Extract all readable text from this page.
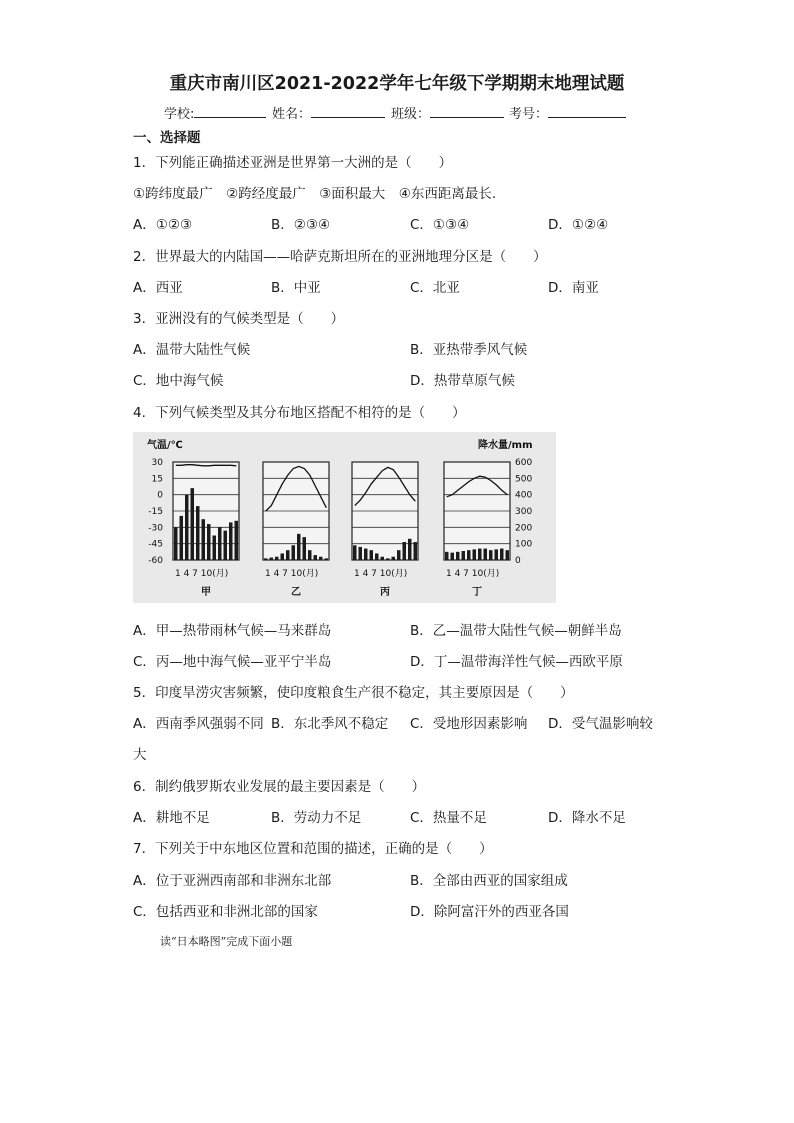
重庆市南川区2021-2022学年七年级下学期期末地理试题
学校:	姓名：	班级：	考号：
一、选择题
1．下列能正确描述亚洲是世界第一大洲的是（　　）
①跨纬度最广　②跨经度最广　③面积最大　④东西距离最长.
A．①②③	B．②③④	C．①③④	D．①②④
2．世界最大的内陆国——哈萨克斯坦所在的亚洲地理分区是（　　）
A．西亚	B．中亚	C．北亚	D．南亚
3．亚洲没有的气候类型是（　　）
A．温带大陆性气候	B．亚热带季风气候
C．地中海气候	D．热带草原气候
4．下列气候类型及其分布地区搭配不相符的是（　　）
气温/℃	降水量/mm
30
15
0
-15
-30
-45
-60
600
500
400
300
200
100
0
1 4 7 10(月)
甲
1 4 7 10(月)
乙
1 4 7 10(月)
丙
1 4 7 10(月)
丁
A．甲—热带雨林气候—马来群岛	B．乙—温带大陆性气候—朝鲜半岛
C．丙—地中海气候—亚平宁半岛	D．丁—温带海洋性气候—西欧平原
5．印度旱涝灾害频繁，使印度粮食生产很不稳定，其主要原因是（　　）
A．西南季风强弱不同 B．东北季风不稳定 C．受地形因素影响 D．受气温影响较
大
6．制约俄罗斯农业发展的最主要因素是（　　）
A．耕地不足	B．劳动力不足	C．热量不足	D．降水不足
7．下列关于中东地区位置和范围的描述，正确的是（　　）
A．位于亚洲西南部和非洲东北部	B．全部由西亚的国家组成
C．包括西亚和非洲北部的国家	D．除阿富汗外的西亚各国
读“日本略图”完成下面小题
